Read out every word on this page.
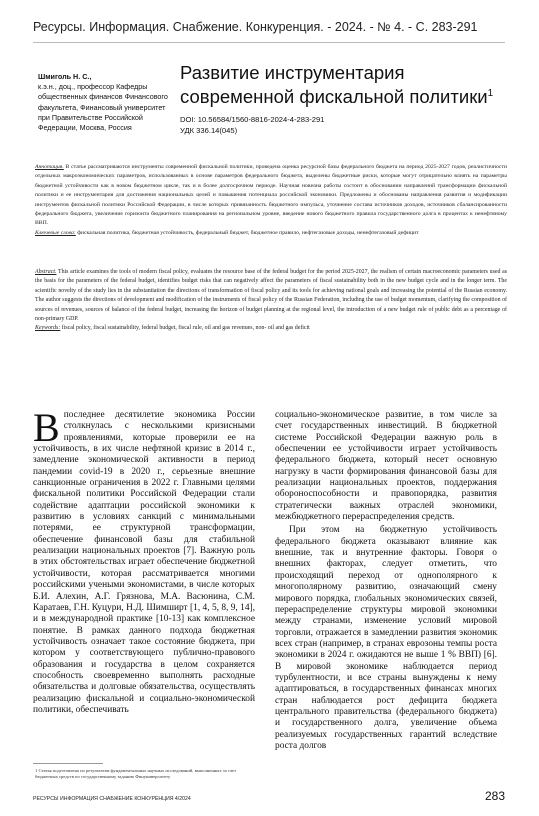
Ресурсы. Информация. Снабжение. Конкуренция. - 2024. - № 4. - С. 283-291
Шмиголь Н. С.,
к.э.н., доц., профессор Кафедры общественных финансов Финансового факультета, Финансовый университет при Правительстве Российской Федерации, Москва, Россия
Развитие инструментария современной фискальной политики$^1$
DOI: 10.56584/1560-8816-2024-4-283-291
УДК 336.14(045)
Аннотация. В статье рассматриваются инструменты современной фискальной политики, проведена оценка ресурсной базы федерального бюджета на период 2025-2027 годов, реалистичности отдельных макроэкономических параметров, использованных в основе параметров федерального бюджета, выделены бюджетные риски, которые могут отрицательно влиять на параметры бюджетной устойчивости как в новом бюджетном цикле, так и в более долгосрочном периоде. Научная новизна работы состоит в обосновании направлений трансформации фискальной политики и ее инструментария для достижения национальных целей и повышения потенциала российской экономики. Предложены и обоснованы направления развития и модификации инструментов фискальной политики Российской Федерации, в числе которых привязанность бюджетного импульса, уточнение состава источников доходов, источников сбалансированности федерального бюджета, увеличение горизонта бюджетного планирования на региональном уровне, введение нового бюджетного правила государственного долга в процентах к ненефтяному ВВП.
Ключевые слова: фискальная политика, бюджетная устойчивость, федеральный бюджет, бюджетное правило, нефтегазовые доходы, ненефтегазовый дефицит
Abstract. This article examines the tools of modern fiscal policy, evaluates the resource base of the federal budget for the period 2025-2027, the realism of certain macroeconomic parameters used as the basis for the parameters of the federal budget, identifies budget risks that can negatively affect the parameters of fiscal sustainability both in the new budget cycle and in the longer term. The scientific novelty of the study lies in the substantiation the directions of transformation of fiscal policy and its tools for achieving national goals and increasing the potential of the Russian economy. The author suggests the directions of development and modification of the instruments of fiscal policy of the Russian Federation, including the use of budget momentum, clarifying the composition of sources of revenues, sources of balance of the federal budget, increasing the horizon of budget planning at the regional level, the introduction of a new budget rule of public debt as a percentage of non-primary GDP.
Keywords: fiscal policy, fiscal sustainability, federal budget, fiscal rule, oil and gas revenues, non- oil and gas deficit

Впоследнее десятилетие экономика России столкнулась с несколькими кризисными проявлениями, которые проверили ее на устойчивость, в их числе нефтяной кризис в 2014 г., замедление экономической активности в период пандемии covid-19 в 2020 г., серьезные внешние санкционные ограничения в 2022 г. Главными целями фискальной политики Российской Федерации стали содействие адаптации российской экономики к развитию в условиях санкций с минимальными потерями, ее структурной трансформации, обеспечение финансовой базы для стабильной реализации национальных проектов [7]. Важную роль в этих обстоятельствах играет обеспечение бюджетной устойчивости, которая рассматривается многими российскими учеными экономистами, в числе которых Б.И. Алехин, А.Г. Грязнова, М.А. Васюнина, С.М. Каратаев, Г.Н. Куцури, Н.Д. Шимширт [1, 4, 5, 8, 9, 14], и в международной практике [10-13] как комплексное понятие. В рамках данного подхода бюджетная устойчивость означает такое состояние бюджета, при котором у соответствующего публично-правового образования и государства в целом сохраняется способность своевременно выполнять расходные обязательства и долговые обязательства, осуществлять реализацию фискальной и социально-экономической политики, обеспечивать

социально-экономическое развитие, в том числе за счет государственных инвестиций. В бюджетной системе Российской Федерации важную роль в обеспечении ее устойчивости играет устойчивость федерального бюджета, который несет основную нагрузку в части формирования финансовой базы для реализации национальных проектов, поддержания обороноспособности и правопорядка, развития стратегически важных отраслей экономики, межбюджетного перераспределения средств.

При этом на бюджетную устойчивость федерального бюджета оказывают влияние как внешние, так и внутренние факторы. Говоря о внешних факторах, следует отметить, что происходящий переход от однополярного к многополярному развитию, означающий смену мирового порядка, глобальных экономических связей, перераспределение структуры мировой экономики между странами, изменение условий мировой торговли, отражается в замедлении развития экономик всех стран (например, в странах еврозоны темпы роста экономики в 2024 г. ожидаются не выше 1 % ВВП) [6]. В мировой экономике наблюдается период турбулентности, и все страны вынуждены к нему адаптироваться, в государственных финансах многих стран наблюдается рост дефицита бюджета центрального правительства (федерального бюджета) и государственного долга, увеличение объема реализуемых государственных гарантий вследствие роста долгов

1 Статья подготовлена по результатам фундаментальных научных исследований, выполненных за счет бюджетных средств по государственному заданию Финуниверситету
РЕСУРСЫ ИНФОРМАЦИЯ СНАБЖЕНИЕ КОНКУРЕНЦИЯ 4/2024	283
